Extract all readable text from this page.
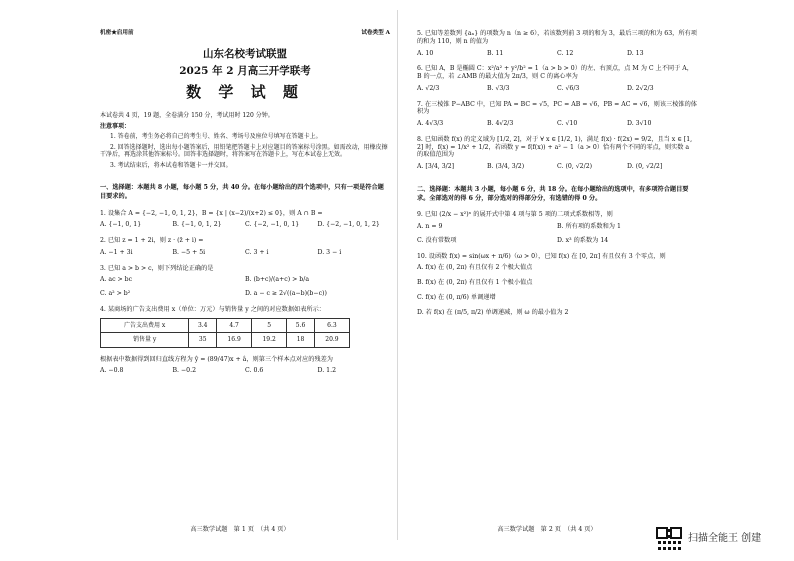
机密★启用前	试卷类型 A
山东名校考试联盟
2025 年 2 月高三开学联考
数 学 试 题
本试卷共 4 页，19 题，全卷满分 150 分，考试用时 120 分钟。
注意事项：
1. 答卷前，考生务必将自己的考生号、姓名、考场号及座位号填写在答题卡上。
2. 回答选择题时，选出每小题答案后，用铅笔把答题卡上对应题目的答案标号涂黑。如需改动，用橡皮擦干净后，再选涂其他答案标号。回答非选择题时，将答案写在答题卡上，写在本试卷上无效。
3. 考试结束后，将本试卷和答题卡一并交回。
一、选择题：本题共 8 小题，每小题 5 分，共 40 分。在每小题给出的四个选项中，只有一项是符合题目要求的。
1. 设集合 A = {−2, −1, 0, 1, 2}，B = {x | (x−2)/(x+2) ≤ 0}，则 A ∩ B =
A. {−1, 0, 1}	B. {−1, 0, 1, 2}	C. {−2, −1, 0, 1}	D. {−2, −1, 0, 1, 2}
2. 已知 z = 1 + 2i，则 z · (z̄ + i) =
A. −1 + 3i	B. −5 + 5i	C. 3 + i	D. 3 − i
3. 已知 a > b > c，则下列结论正确的是
A. ac > bc	B. (b+c)/(a+c) > b/a
C. a² > b²	D. a − c ≥ 2√((a−b)(b−c))
4. 某商场的广告支出费用 x（单位：万元）与销售量 y 之间的对应数据如表所示：
广告支出费用 x	3.4	4.7	5	5.6	6.3
销售量 y	35	16.9	19.2	18	20.9
根据表中数据得到回归直线方程为 ŷ = (89/47)x + â，则第三个样本点对应的残差为
A. −0.8	B. −0.2	C. 0.6	D. 1.2
高三数学试题　第 1 页　（共 4 页）
5. 已知等差数列 {aₙ} 的项数为 n（n ≥ 6），若该数列前 3 项的和为 3，最后三项的和为 63，所有项的和为 110，则 n 的值为
A. 10	B. 11	C. 12	D. 13
6. 已知 A，B 是椭圆 C：x²/a² + y²/b² = 1（a > b > 0）的左、右顶点，点 M 为 C 上不同于 A，B 的一点，若 ∠AMB 的最大值为 2π/3，则 C 的离心率为
A. √2/3	B. √3/3	C. √6/3	D. 2√2/3
7. 在三棱锥 P−ABC 中，已知 PA = BC = √5，PC = AB = √6，PB = AC = √6，则该三棱锥的体积为
A. 4√3/3	B. 4√2/3	C. √10	D. 3√10
8. 已知函数 f(x) 的定义域为 [1/2, 2]，对于 ∀ x ∈ [1/2, 1)，满足 f(x) · f(2x) = 9/2，且当 x ∈ [1, 2] 时，f(x) = 1/x² + 1/2，若函数 y = f(f(x)) + a² − 1（a > 0）恰有两个不同的零点，则实数 a 的取值范围为
A. [3/4, 3/2]	B. (3/4, 3/2)	C. (0, √2/2)	D. (0, √2/2]
二、选择题：本题共 3 小题，每小题 6 分，共 18 分。在每小题给出的选项中，有多项符合题目要求。全部选对的得 6 分，部分选对的得部分分，有选错的得 0 分。
9. 已知 (2/x − x²)ⁿ 的展开式中第 4 项与第 5 项的二项式系数相等，则
A. n = 9	B. 所有项的系数和为 1
C. 没有常数项	D. x³ 的系数为 14
10. 设函数 f(x) = sin(ωx + π/6)（ω > 0），已知 f(x) 在 [0, 2π] 有且仅有 3 个零点，则
A. f(x) 在 (0, 2π) 有且仅有 2 个极大值点
B. f(x) 在 (0, 2π) 有且仅有 1 个极小值点
C. f(x) 在 (0, π/6) 单调递增
D. 若 f(x) 在 (π/5, π/2) 单调递减，则 ω 的最小值为 2
高三数学试题　第 2 页　（共 4 页）
扫描全能王 创建
